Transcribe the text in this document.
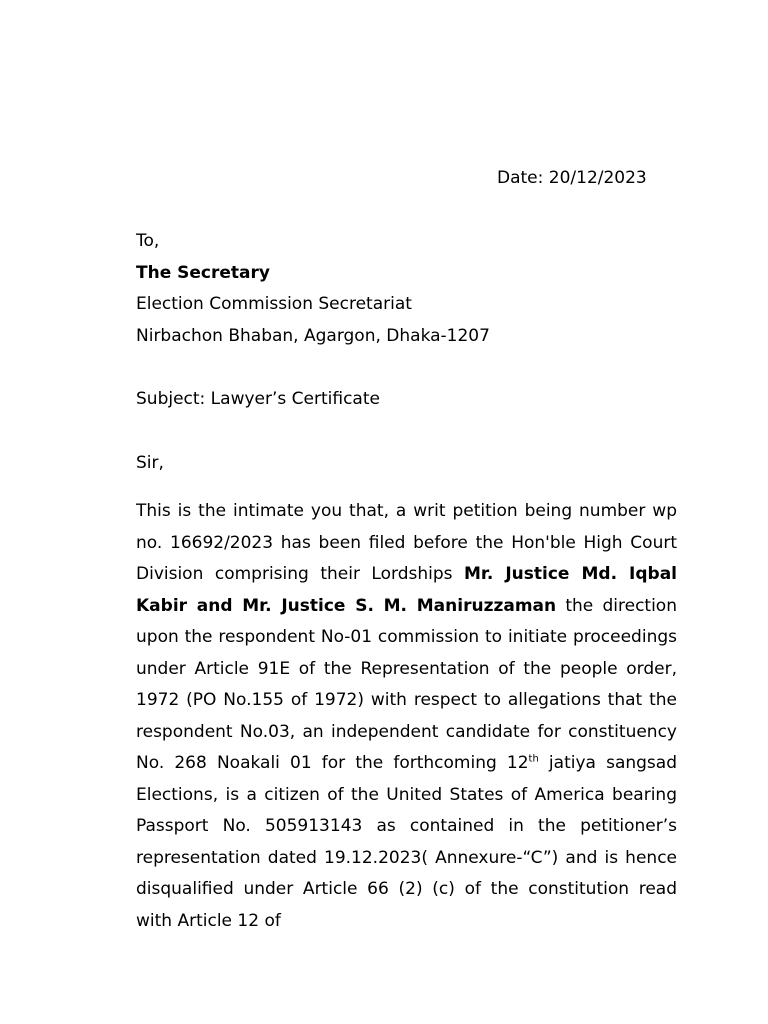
Date: 20/12/2023
To,
The Secretary
Election Commission Secretariat
Nirbachon Bhaban, Agargon, Dhaka-1207
Subject: Lawyer’s Certificate
Sir,

This is the intimate you that, a writ petition being number wp no. 16692/2023 has been filed before the Hon'ble High Court Division comprising their Lordships Mr. Justice Md. Iqbal Kabir and Mr. Justice S. M. Maniruzzaman the direction upon the respondent No-01 commission to initiate proceedings under Article 91E of the Representation of the people order, 1972 (PO No.155 of 1972) with respect to allegations that the respondent No.03, an independent candidate for constituency No. 268 Noakali 01 for the forthcoming 12th jatiya sangsad Elections, is a citizen of the United States of America bearing Passport No. 505913143 as contained in the petitioner’s representation dated 19.12.2023( Annexure-“C”) and is hence disqualified under Article 66 (2) (c) of the constitution read with Article 12 of
